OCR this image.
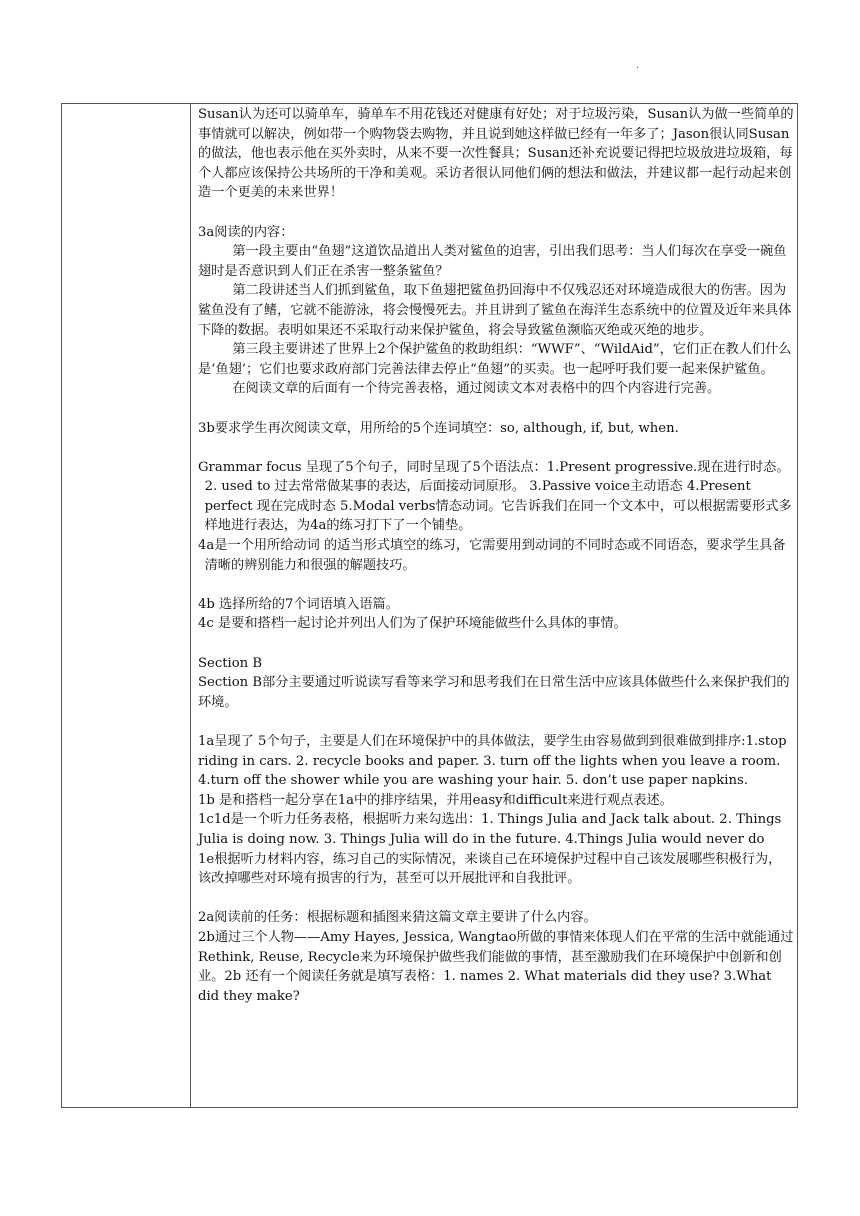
.

Susan认为还可以骑单车，骑单车不用花钱还对健康有好处；对于垃圾污染，Susan认为做一些简单的事情就可以解决，例如带一个购物袋去购物，并且说到她这样做已经有一年多了；Jason很认同Susan的做法，他也表示他在买外卖时，从来不要一次性餐具；Susan还补充说要记得把垃圾放进垃圾箱，每个人都应该保持公共场所的干净和美观。采访者很认同他们俩的想法和做法，并建议都一起行动起来创造一个更美的未来世界！

3a阅读的内容：

第一段主要由“鱼翅”这道饮品道出人类对鲨鱼的迫害，引出我们思考：当人们每次在享受一碗鱼翅时是否意识到人们正在杀害一整条鲨鱼？

第二段讲述当人们抓到鲨鱼，取下鱼翅把鲨鱼扔回海中不仅残忍还对环境造成很大的伤害。因为鲨鱼没有了鳍，它就不能游泳，将会慢慢死去。并且讲到了鲨鱼在海洋生态系统中的位置及近年来具体下降的数据。表明如果还不采取行动来保护鲨鱼，将会导致鲨鱼濒临灭绝或灭绝的地步。

第三段主要讲述了世界上2个保护鲨鱼的救助组织：“WWF”、“WildAid”，它们正在教人们什么是‘鱼翅’；它们也要求政府部门完善法律去停止“鱼翅”的买卖。也一起呼吁我们要一起来保护鲨鱼。

在阅读文章的后面有一个待完善表格，通过阅读文本对表格中的四个内容进行完善。

3b要求学生再次阅读文章，用所给的5个连词填空：so, although, if, but, when.

Grammar focus 呈现了5个句子，同时呈现了5个语法点：1.Present progressive.现在进行时态。 2. used to 过去常常做某事的表达，后面接动词原形。 3.Passive voice主动语态 4.Present perfect 现在完成时态 5.Modal verbs情态动词。它告诉我们在同一个文本中，可以根据需要形式多样地进行表达，为4a的练习打下了一个铺垫。

4a是一个用所给动词 的适当形式填空的练习，它需要用到动词的不同时态或不同语态，要求学生具备清晰的辨别能力和很强的解题技巧。

4b 选择所给的7个词语填入语篇。

4c 是要和搭档一起讨论并列出人们为了保护环境能做些什么具体的事情。

Section B

Section B部分主要通过听说读写看等来学习和思考我们在日常生活中应该具体做些什么来保护我们的环境。

1a呈现了 5个句子，主要是人们在环境保护中的具体做法，要学生由容易做到到很难做到排序:1.stop riding in cars. 2. recycle books and paper. 3. turn off the lights when you leave a room. 4.turn off the shower while you are washing your hair. 5. don’t use paper napkins.

1b 是和搭档一起分享在1a中的排序结果，并用easy和difficult来进行观点表述。

1c1d是一个听力任务表格，根据听力来勾选出：1. Things Julia and Jack talk about. 2. Things Julia is doing now. 3. Things Julia will do in the future. 4.Things Julia would never do

1e根据听力材料内容，练习自己的实际情况，来谈自己在环境保护过程中自己该发展哪些积极行为，该改掉哪些对环境有损害的行为，甚至可以开展批评和自我批评。

2a阅读前的任务：根据标题和插图来猜这篇文章主要讲了什么内容。

2b通过三个人物——Amy Hayes, Jessica, Wangtao所做的事情来体现人们在平常的生活中就能通过Rethink, Reuse, Recycle来为环境保护做些我们能做的事情，甚至激励我们在环境保护中创新和创业。2b 还有一个阅读任务就是填写表格：1. names 2. What materials did they use? 3.What did they make?
